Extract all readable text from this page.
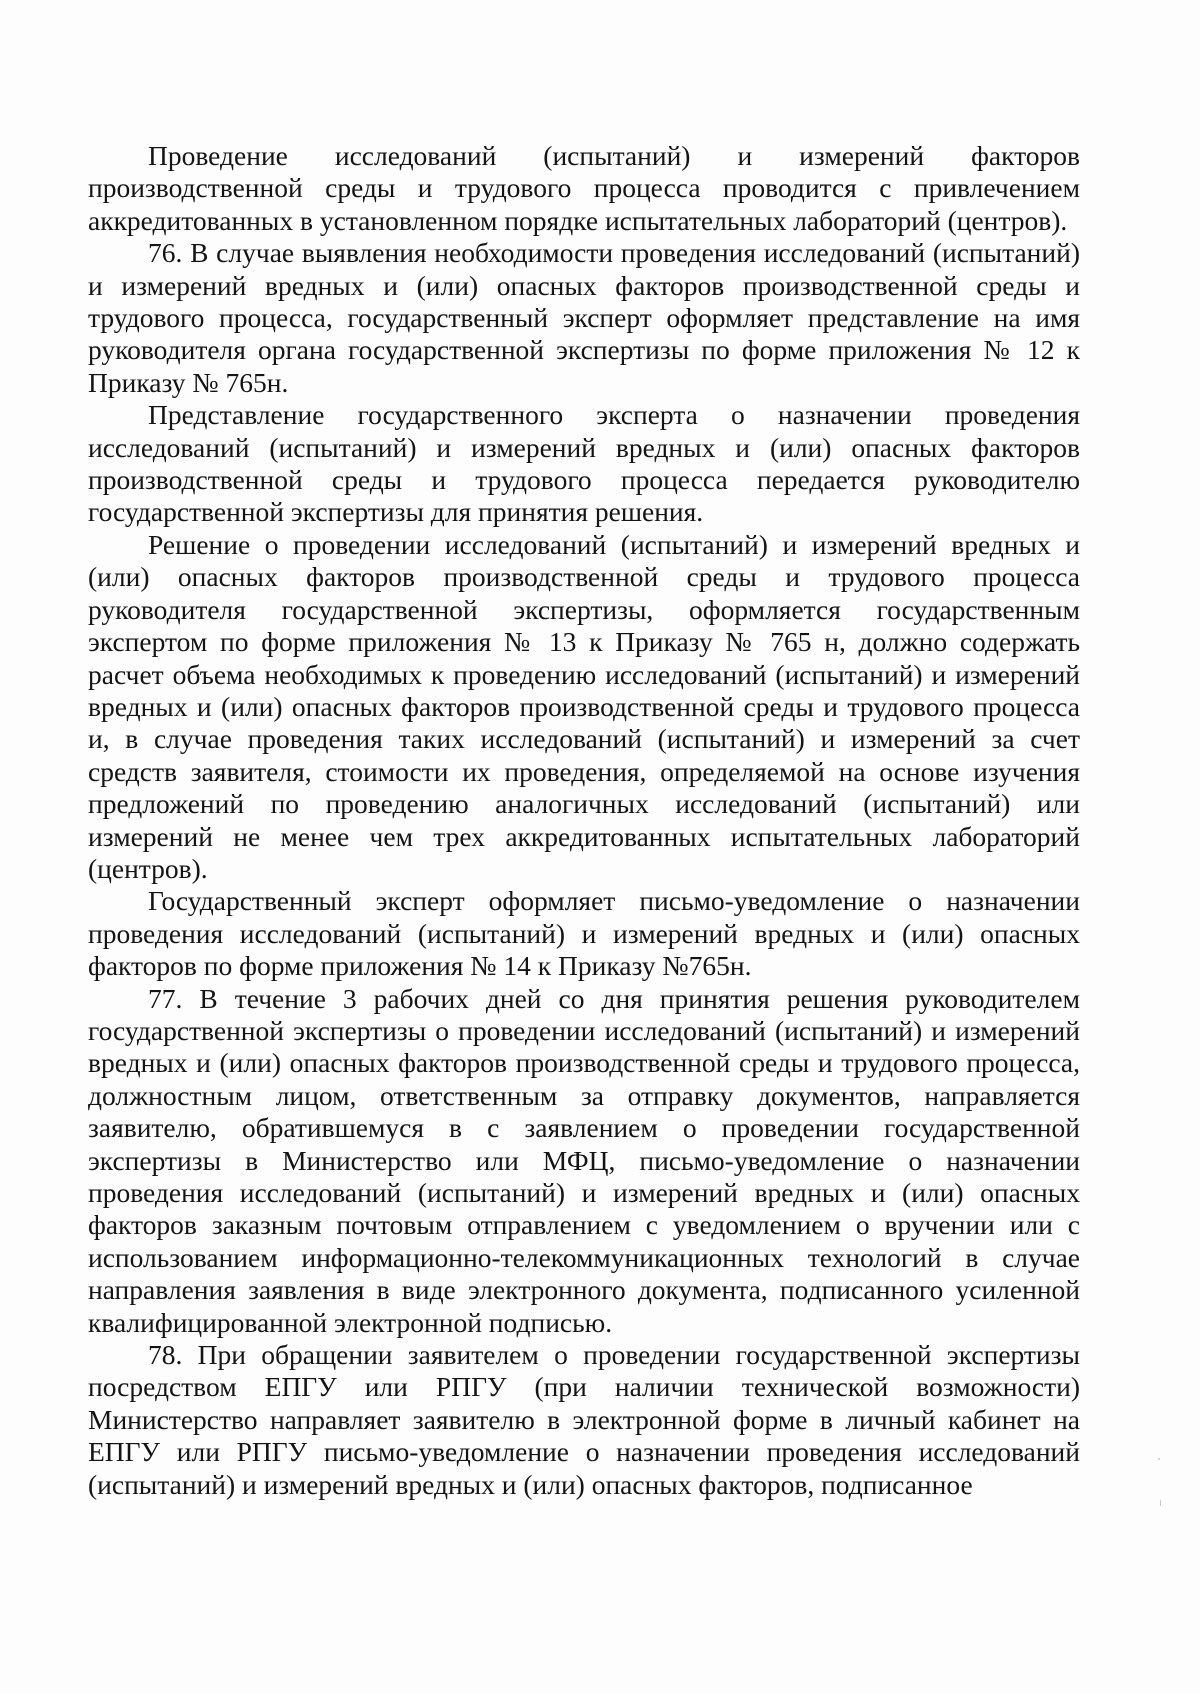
Проведение исследований (испытаний) и измерений факторов производственной среды и трудового процесса проводится с привлечением аккредитованных в установленном порядке испытательных лабораторий (центров).

76. В случае выявления необходимости проведения исследований (испытаний) и измерений вредных и (или) опасных факторов производственной среды и трудового процесса, государственный эксперт оформляет представление на имя руководителя органа государственной экспертизы по форме приложения № 12 к Приказу № 765н.

Представление государственного эксперта о назначении проведения исследований (испытаний) и измерений вредных и (или) опасных факторов производственной среды и трудового процесса передается руководителю государственной экспертизы для принятия решения.

Решение о проведении исследований (испытаний) и измерений вредных и (или) опасных факторов производственной среды и трудового процесса руководителя государственной экспертизы, оформляется государственным экспертом по форме приложения № 13 к Приказу № 765 н, должно содержать расчет объема необходимых к проведению исследований (испытаний) и измерений вредных и (или) опасных факторов производственной среды и трудового процесса и, в случае проведения таких исследований (испытаний) и измерений за счет средств заявителя, стоимости их проведения, определяемой на основе изучения предложений по проведению аналогичных исследований (испытаний) или измерений не менее чем трех аккредитованных испытательных лабораторий (центров).

Государственный эксперт оформляет письмо-уведомление о назначении проведения исследований (испытаний) и измерений вредных и (или) опасных факторов по форме приложения № 14 к Приказу №765н.

77. В течение 3 рабочих дней со дня принятия решения руководителем государственной экспертизы о проведении исследований (испытаний) и измерений вредных и (или) опасных факторов производственной среды и трудового процесса, должностным лицом, ответственным за отправку документов, направляется заявителю, обратившемуся в с заявлением о проведении государственной экспертизы в Министерство или МФЦ, письмо-уведомление о назначении проведения исследований (испытаний) и измерений вредных и (или) опасных факторов заказным почтовым отправлением с уведомлением о вручении или с использованием информационно-телекоммуникационных технологий в случае направления заявления в виде электронного документа, подписанного усиленной квалифицированной электронной подписью.

78. При обращении заявителем о проведении государственной экспертизы посредством ЕПГУ или РПГУ (при наличии технической возможности) Министерство направляет заявителю в электронной форме в личный кабинет на ЕПГУ или РПГУ письмо-уведомление о назначении проведения исследований (испытаний) и измерений вредных и (или) опасных факторов, подписанное
